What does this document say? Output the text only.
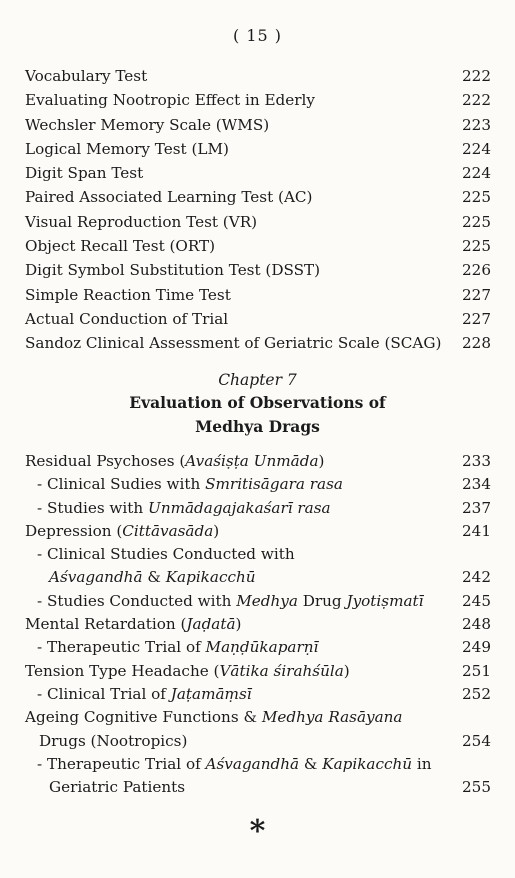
( 15 )
Vocabulary Test	222
Evaluating Nootropic Effect in Ederly	222
Wechsler Memory Scale (WMS)	223
Logical Memory Test (LM)	224
Digit Span Test	224
Paired Associated Learning Test (AC)	225
Visual Reproduction Test (VR)	225
Object Recall Test (ORT)	225
Digit Symbol Substitution Test (DSST)	226
Simple Reaction Time Test	227
Actual Conduction of Trial	227
Sandoz Clinical Assessment of Geriatric Scale (SCAG)	228
Chapter 7
Evaluation of Observations of
Medhya Drags
Residual Psychoses (Avaśiṣṭa Unmāda)	233
- Clinical Sudies with Smritisāgara rasa	234
- Studies with Unmādagajakaśarī rasa	237
Depression (Cittāvasāda)	241
- Clinical Studies Conducted with
Aśvagandhā & Kapikacchū	242
- Studies Conducted with Medhya Drug Jyotiṣmatī	245
Mental Retardation (Jaḍatā)	248
- Therapeutic Trial of Maṇḍūkaparṇī	249
Tension Type Headache (Vātika śirahśūla)	251
- Clinical Trial of Jaṭamāṃsī	252
Ageing Cognitive Functions & Medhya Rasāyana
Drugs (Nootropics)	254
- Therapeutic Trial of Aśvagandhā & Kapikacchū in
Geriatric Patients	255
*
